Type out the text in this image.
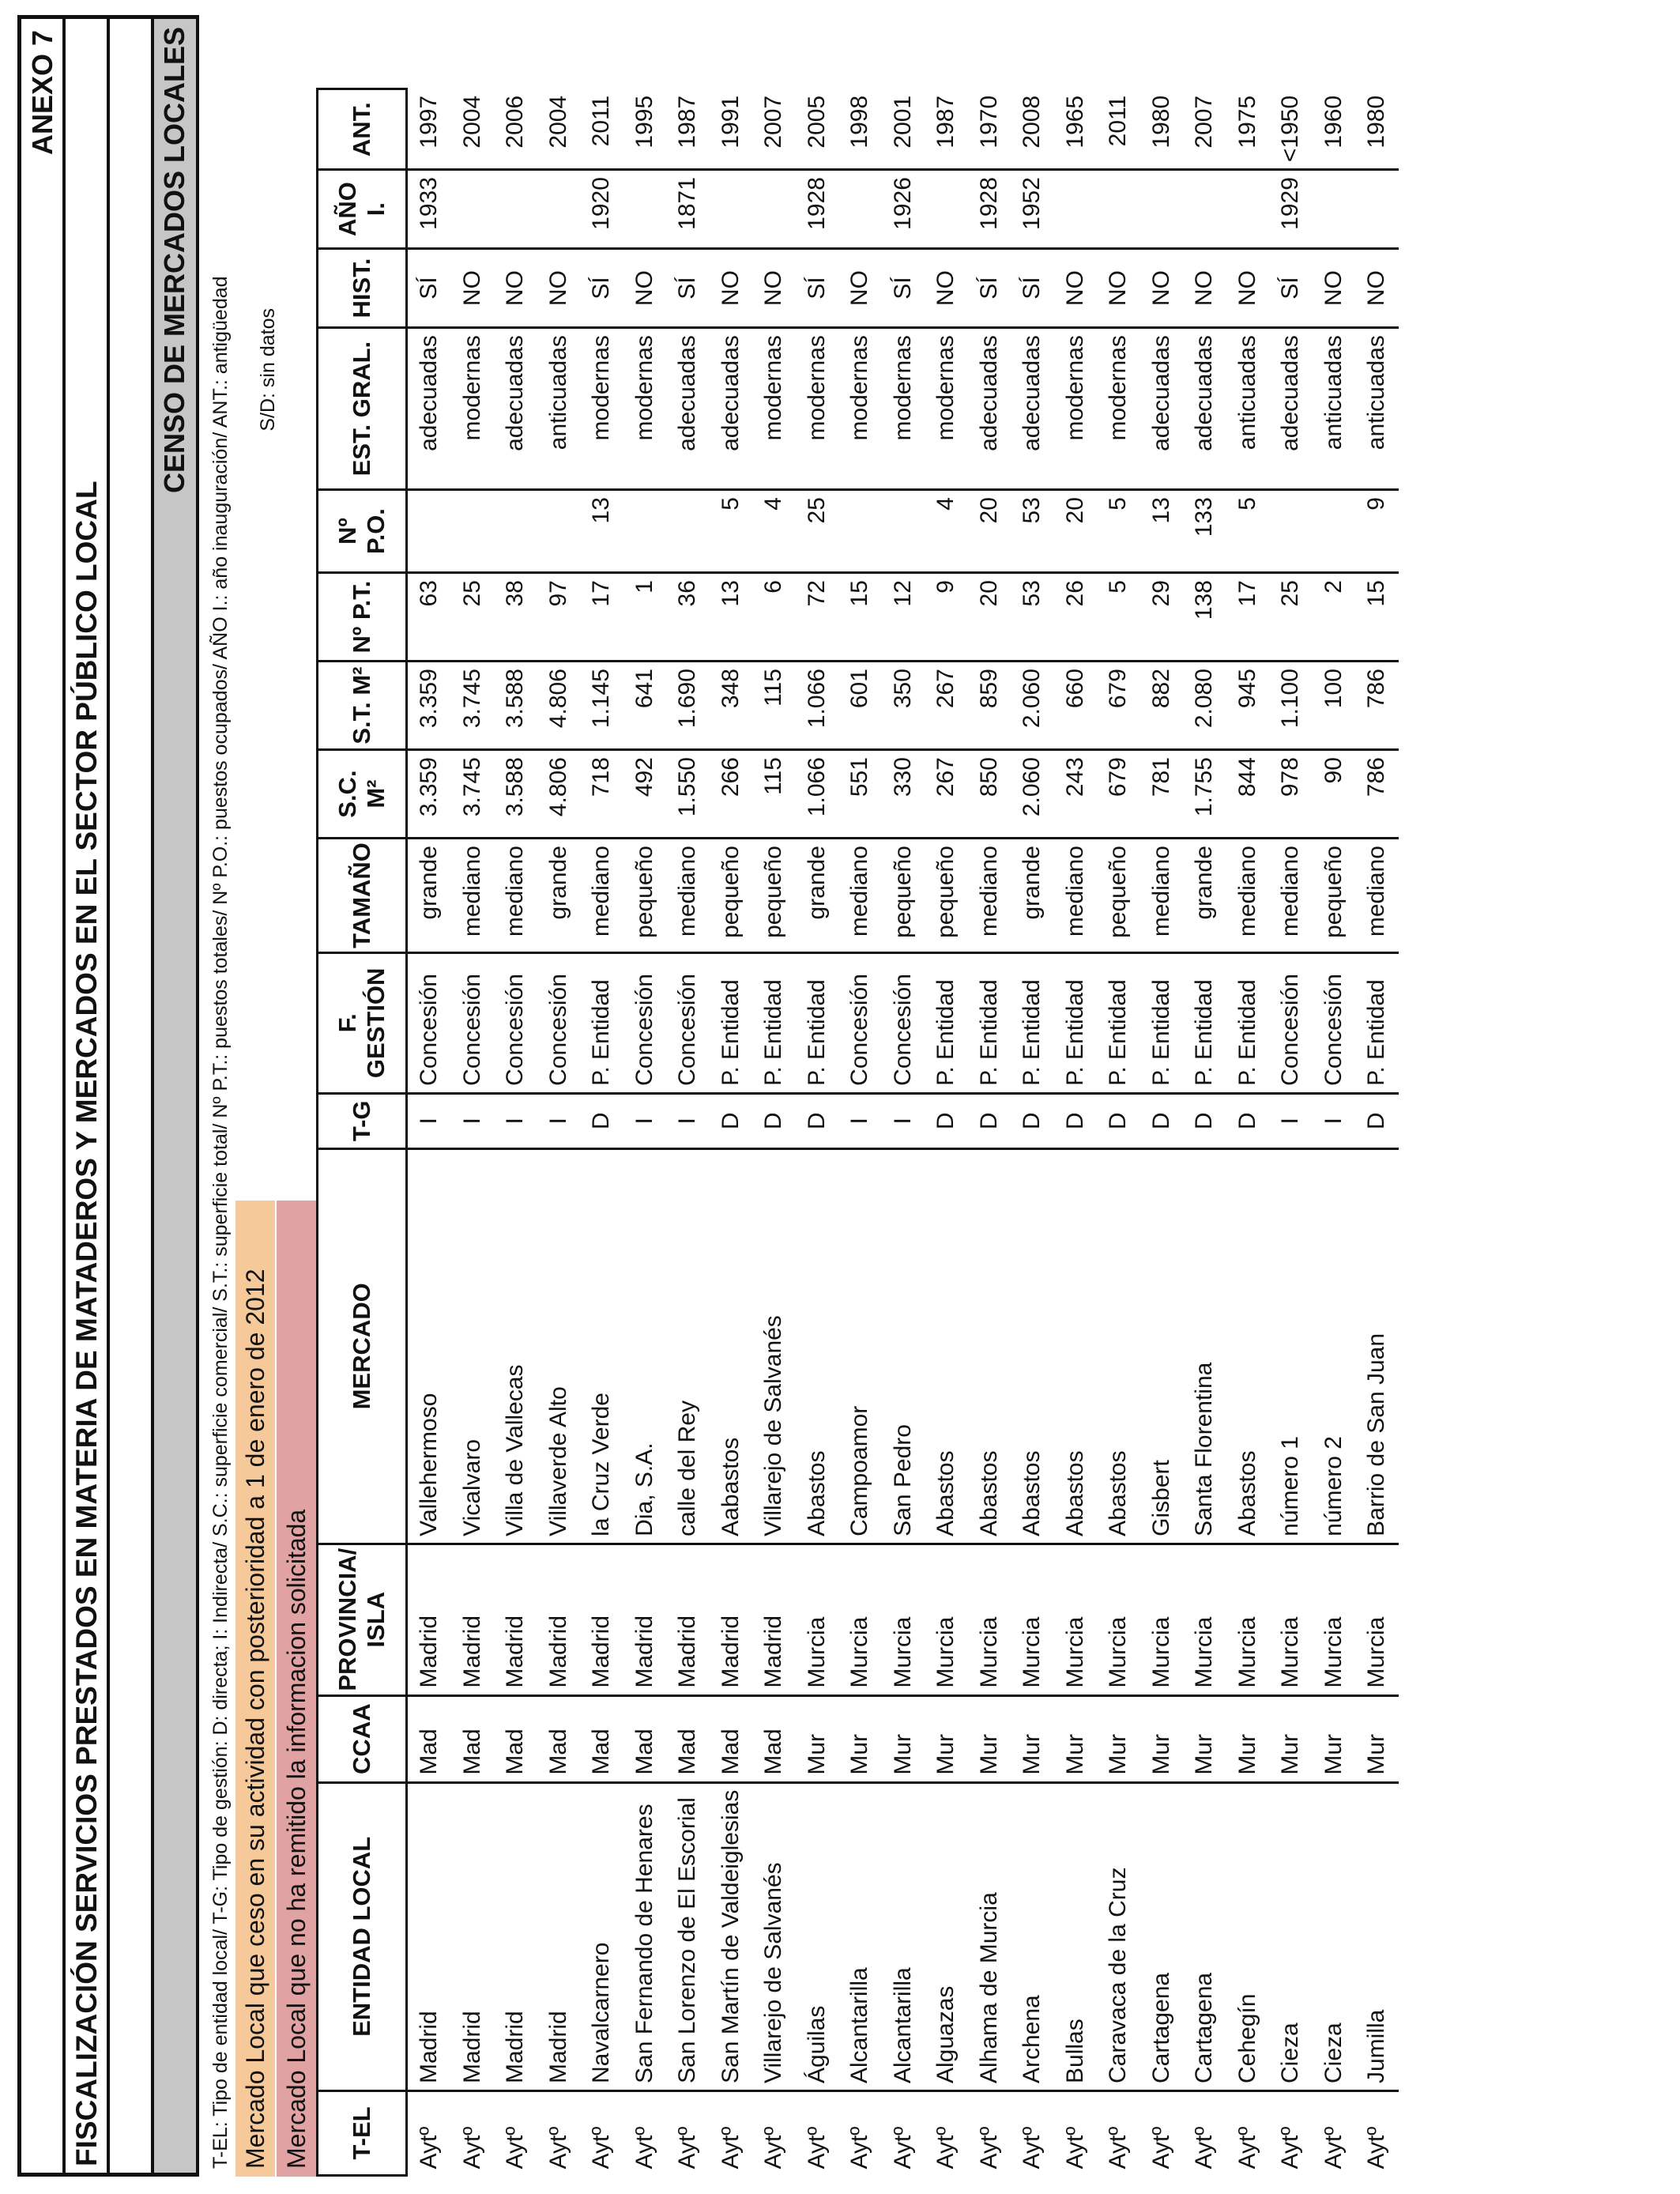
ANEXO 7
FISCALIZACIÓN SERVICIOS PRESTADOS EN MATERIA DE MATADEROS Y MERCADOS EN EL SECTOR PÚBLICO LOCAL
CENSO DE MERCADOS LOCALES
T-EL: Tipo de entidad local/ T-G: Tipo de gestión: D: directa; I: Indirecta/ S.C.: superficie comercial/ S.T.: superficie total/ Nº P.T.: puestos totales/ Nº P.O.: puestos ocupados/ AÑO I.: año inauguración/ ANT.: antigüedad S/D: sin datos
Mercado Local que ceso en su actividad con posterioridad a 1 de enero de 2012 Mercado Local que no ha remitido la informacion solicitada T-EL	ENTIDAD LOCAL	CCAA	PROVINCIA/ ISLA	MERCADO	T-G	F. GESTIÓN	TAMAÑO	S.C. M²	S.T. M²	Nº P.T.	Nº P.O.	EST. GRAL.	HIST.	AÑO I.	ANT.
Aytº	Madrid	Mad	Madrid	Vallehermoso	I	Concesión	grande	3.359	3.359	63		adecuadas	SÍ	1933	1997
Aytº	Madrid	Mad	Madrid	Vicalvaro	I	Concesión	mediano	3.745	3.745	25		modernas	NO		2004
Aytº	Madrid	Mad	Madrid	Villa de Vallecas	I	Concesión	mediano	3.588	3.588	38		adecuadas	NO		2006
Aytº	Madrid	Mad	Madrid	Villaverde Alto	I	Concesión	grande	4.806	4.806	97		anticuadas	NO		2004
Aytº	Navalcarnero	Mad	Madrid	la Cruz Verde	D	P. Entidad	mediano	718	1.145	17	13	modernas	SÍ	1920	2011
Aytº	San Fernando de Henares	Mad	Madrid	Dia, S.A.	I	Concesión	pequeño	492	641	1		modernas	NO		1995
Aytº	San Lorenzo de El Escorial	Mad	Madrid	calle del Rey	I	Concesión	mediano	1.550	1.690	36		adecuadas	SÍ	1871	1987
Aytº	San Martín de Valdeiglesias	Mad	Madrid	Aabastos	D	P. Entidad	pequeño	266	348	13	5	adecuadas	NO		1991
Aytº	Villarejo de Salvanés	Mad	Madrid	Villarejo de Salvanés	D	P. Entidad	pequeño	115	115	6	4	modernas	NO		2007
Aytº	Águilas	Mur	Murcia	Abastos	D	P. Entidad	grande	1.066	1.066	72	25	modernas	SÍ	1928	2005
Aytº	Alcantarilla	Mur	Murcia	Campoamor	I	Concesión	mediano	551	601	15		modernas	NO		1998
Aytº	Alcantarilla	Mur	Murcia	San Pedro	I	Concesión	pequeño	330	350	12		modernas	SÍ	1926	2001
Aytº	Alguazas	Mur	Murcia	Abastos	D	P. Entidad	pequeño	267	267	9	4	modernas	NO		1987
Aytº	Alhama de Murcia	Mur	Murcia	Abastos	D	P. Entidad	mediano	850	859	20	20	adecuadas	SÍ	1928	1970
Aytº	Archena	Mur	Murcia	Abastos	D	P. Entidad	grande	2.060	2.060	53	53	adecuadas	SÍ	1952	2008
Aytº	Bullas	Mur	Murcia	Abastos	D	P. Entidad	mediano	243	660	26	20	modernas	NO		1965
Aytº	Caravaca de la Cruz	Mur	Murcia	Abastos	D	P. Entidad	pequeño	679	679	5	5	modernas	NO		2011
Aytº	Cartagena	Mur	Murcia	Gisbert	D	P. Entidad	mediano	781	882	29	13	adecuadas	NO		1980
Aytº	Cartagena	Mur	Murcia	Santa Florentina	D	P. Entidad	grande	1.755	2.080	138	133	adecuadas	NO		2007
Aytº	Cehegín	Mur	Murcia	Abastos	D	P. Entidad	mediano	844	945	17	5	anticuadas	NO		1975
Aytº	Cieza	Mur	Murcia	número 1	I	Concesión	mediano	978	1.100	25		adecuadas	SÍ	1929	<1950
Aytº	Cieza	Mur	Murcia	número 2	I	Concesión	pequeño	90	100	2		anticuadas	NO		1960
Aytº	Jumilla	Mur	Murcia	Barrio de San Juan	D	P. Entidad	mediano	786	786	15	9	anticuadas	NO		1980
